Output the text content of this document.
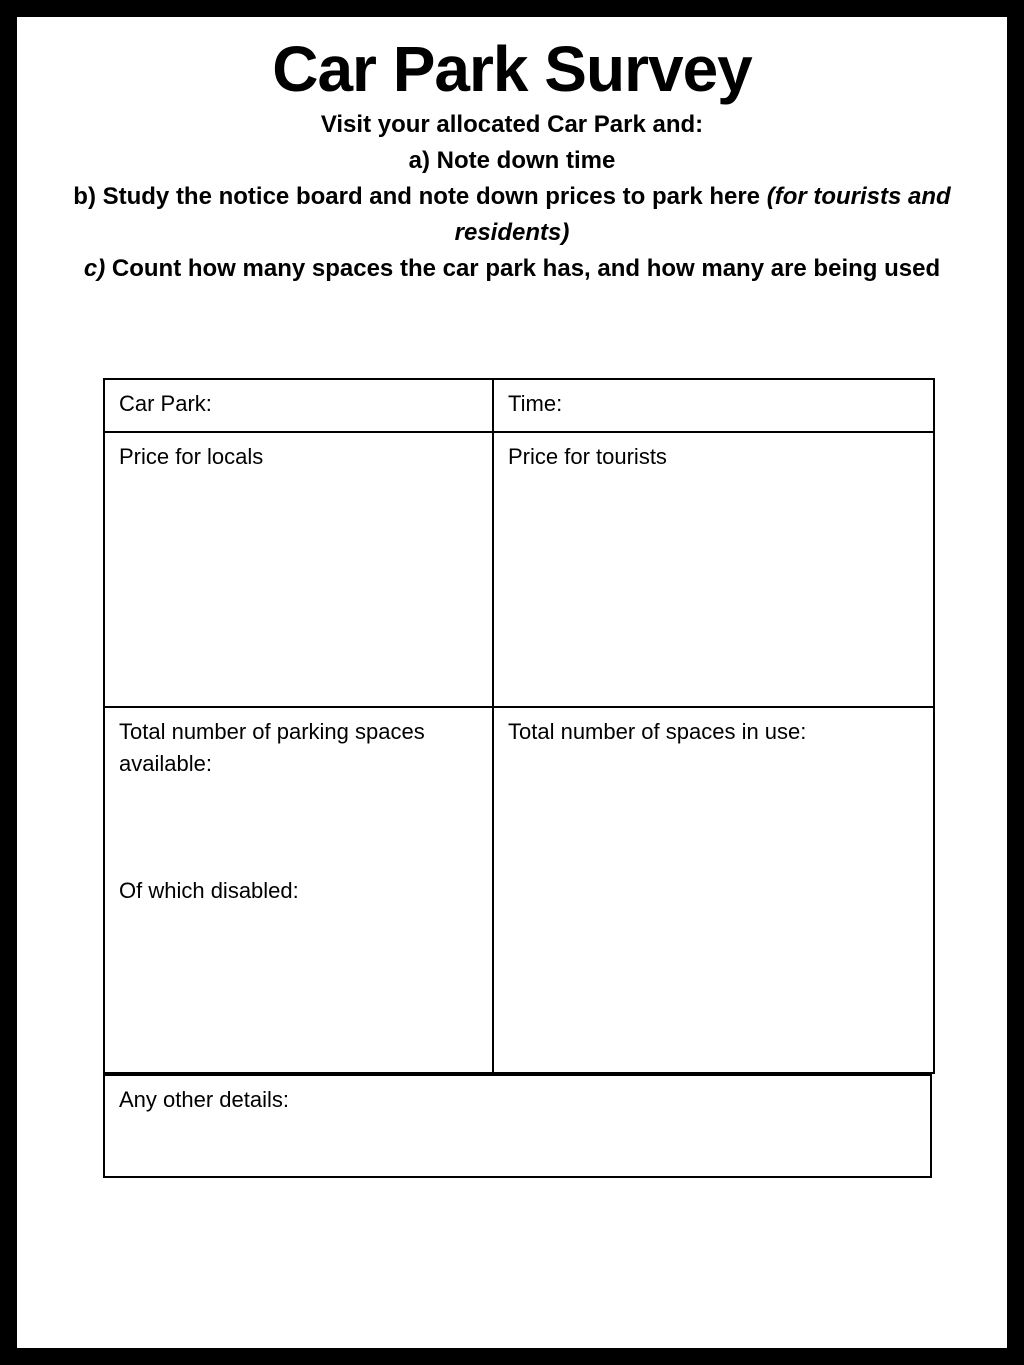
Car Park Survey
Visit your allocated Car Park and:
a) Note down time
b) Study the notice board and note down prices to park here (for tourists and residents)
c) Count how many spaces the car park has, and how many are being used
Car Park:	Time:
Price for locals	Price for tourists
Total number of parking spaces available:
Of which disabled:
Total number of spaces in use:
Any other details:
